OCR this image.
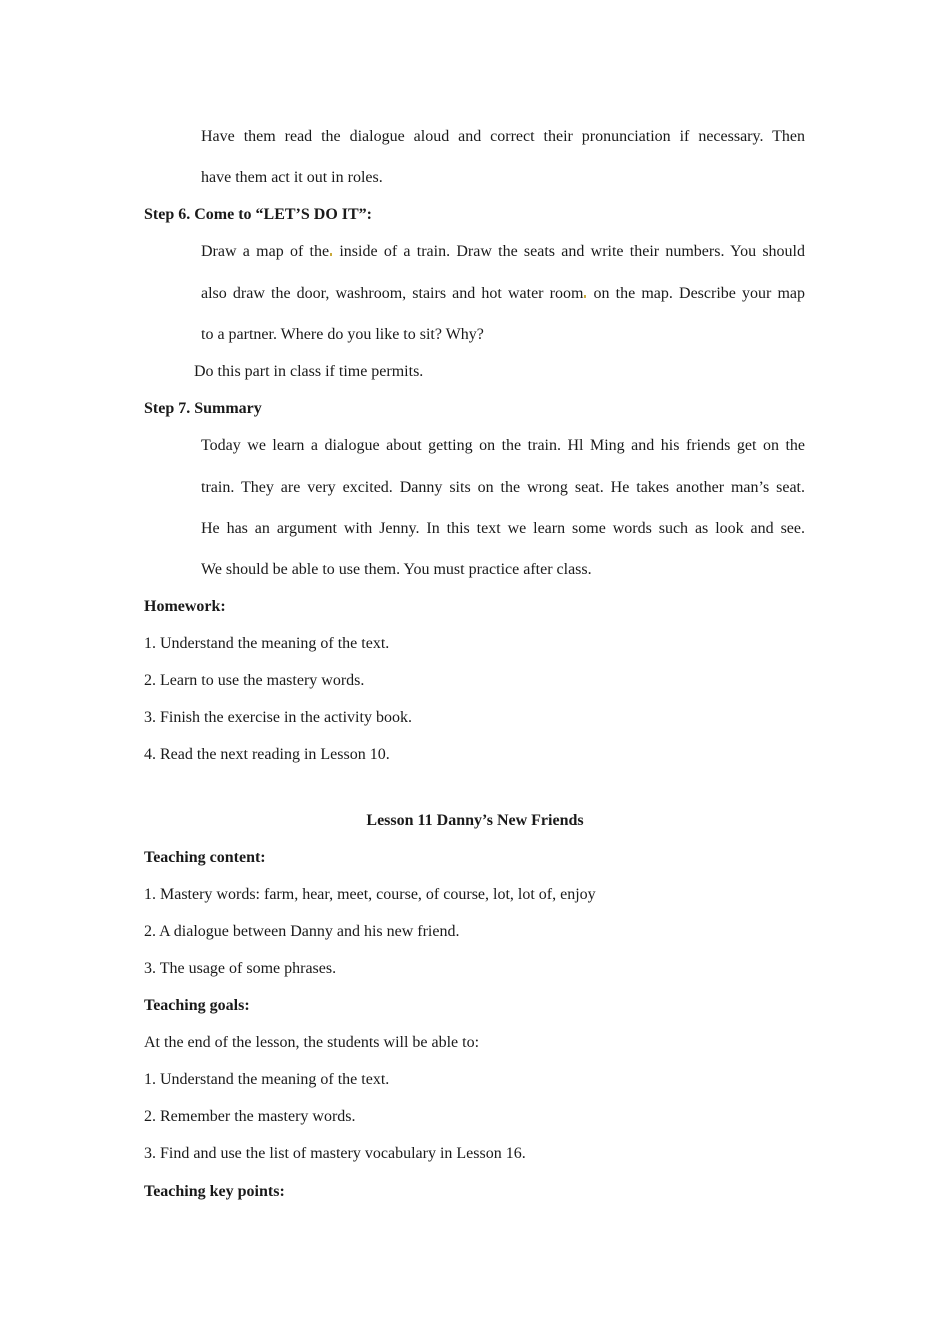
Have them read the dialogue aloud and correct their pronunciation if necessary. Then
have them act it out in roles.
Step 6. Come to “LET’S DO IT”:
Draw a map of the inside of a train. Draw the seats and write their numbers. You should
also draw the door, washroom, stairs and hot water room on the map. Describe your map
to a partner. Where do you like to sit? Why?
Do this part in class if time permits.
Step 7. Summary
Today we learn a dialogue about getting on the train. Hl Ming and his friends get on the
train. They are very excited. Danny sits on the wrong seat. He takes another man’s seat.
He has an argument with Jenny. In this text we learn some words such as look and see.
We should be able to use them. You must practice after class.
Homework:
1. Understand the meaning of the text.
2. Learn to use the mastery words.
3. Finish the exercise in the activity book.
4. Read the next reading in Lesson 10.
Lesson 11 Danny’s New Friends
Teaching content:
1. Mastery words: farm, hear, meet, course, of course, lot, lot of, enjoy
2. A dialogue between Danny and his new friend.
3. The usage of some phrases.
Teaching goals:
At the end of the lesson, the students will be able to:
1. Understand the meaning of the text.
2. Remember the mastery words.
3. Find and use the list of mastery vocabulary in Lesson 16.
Teaching key points:
